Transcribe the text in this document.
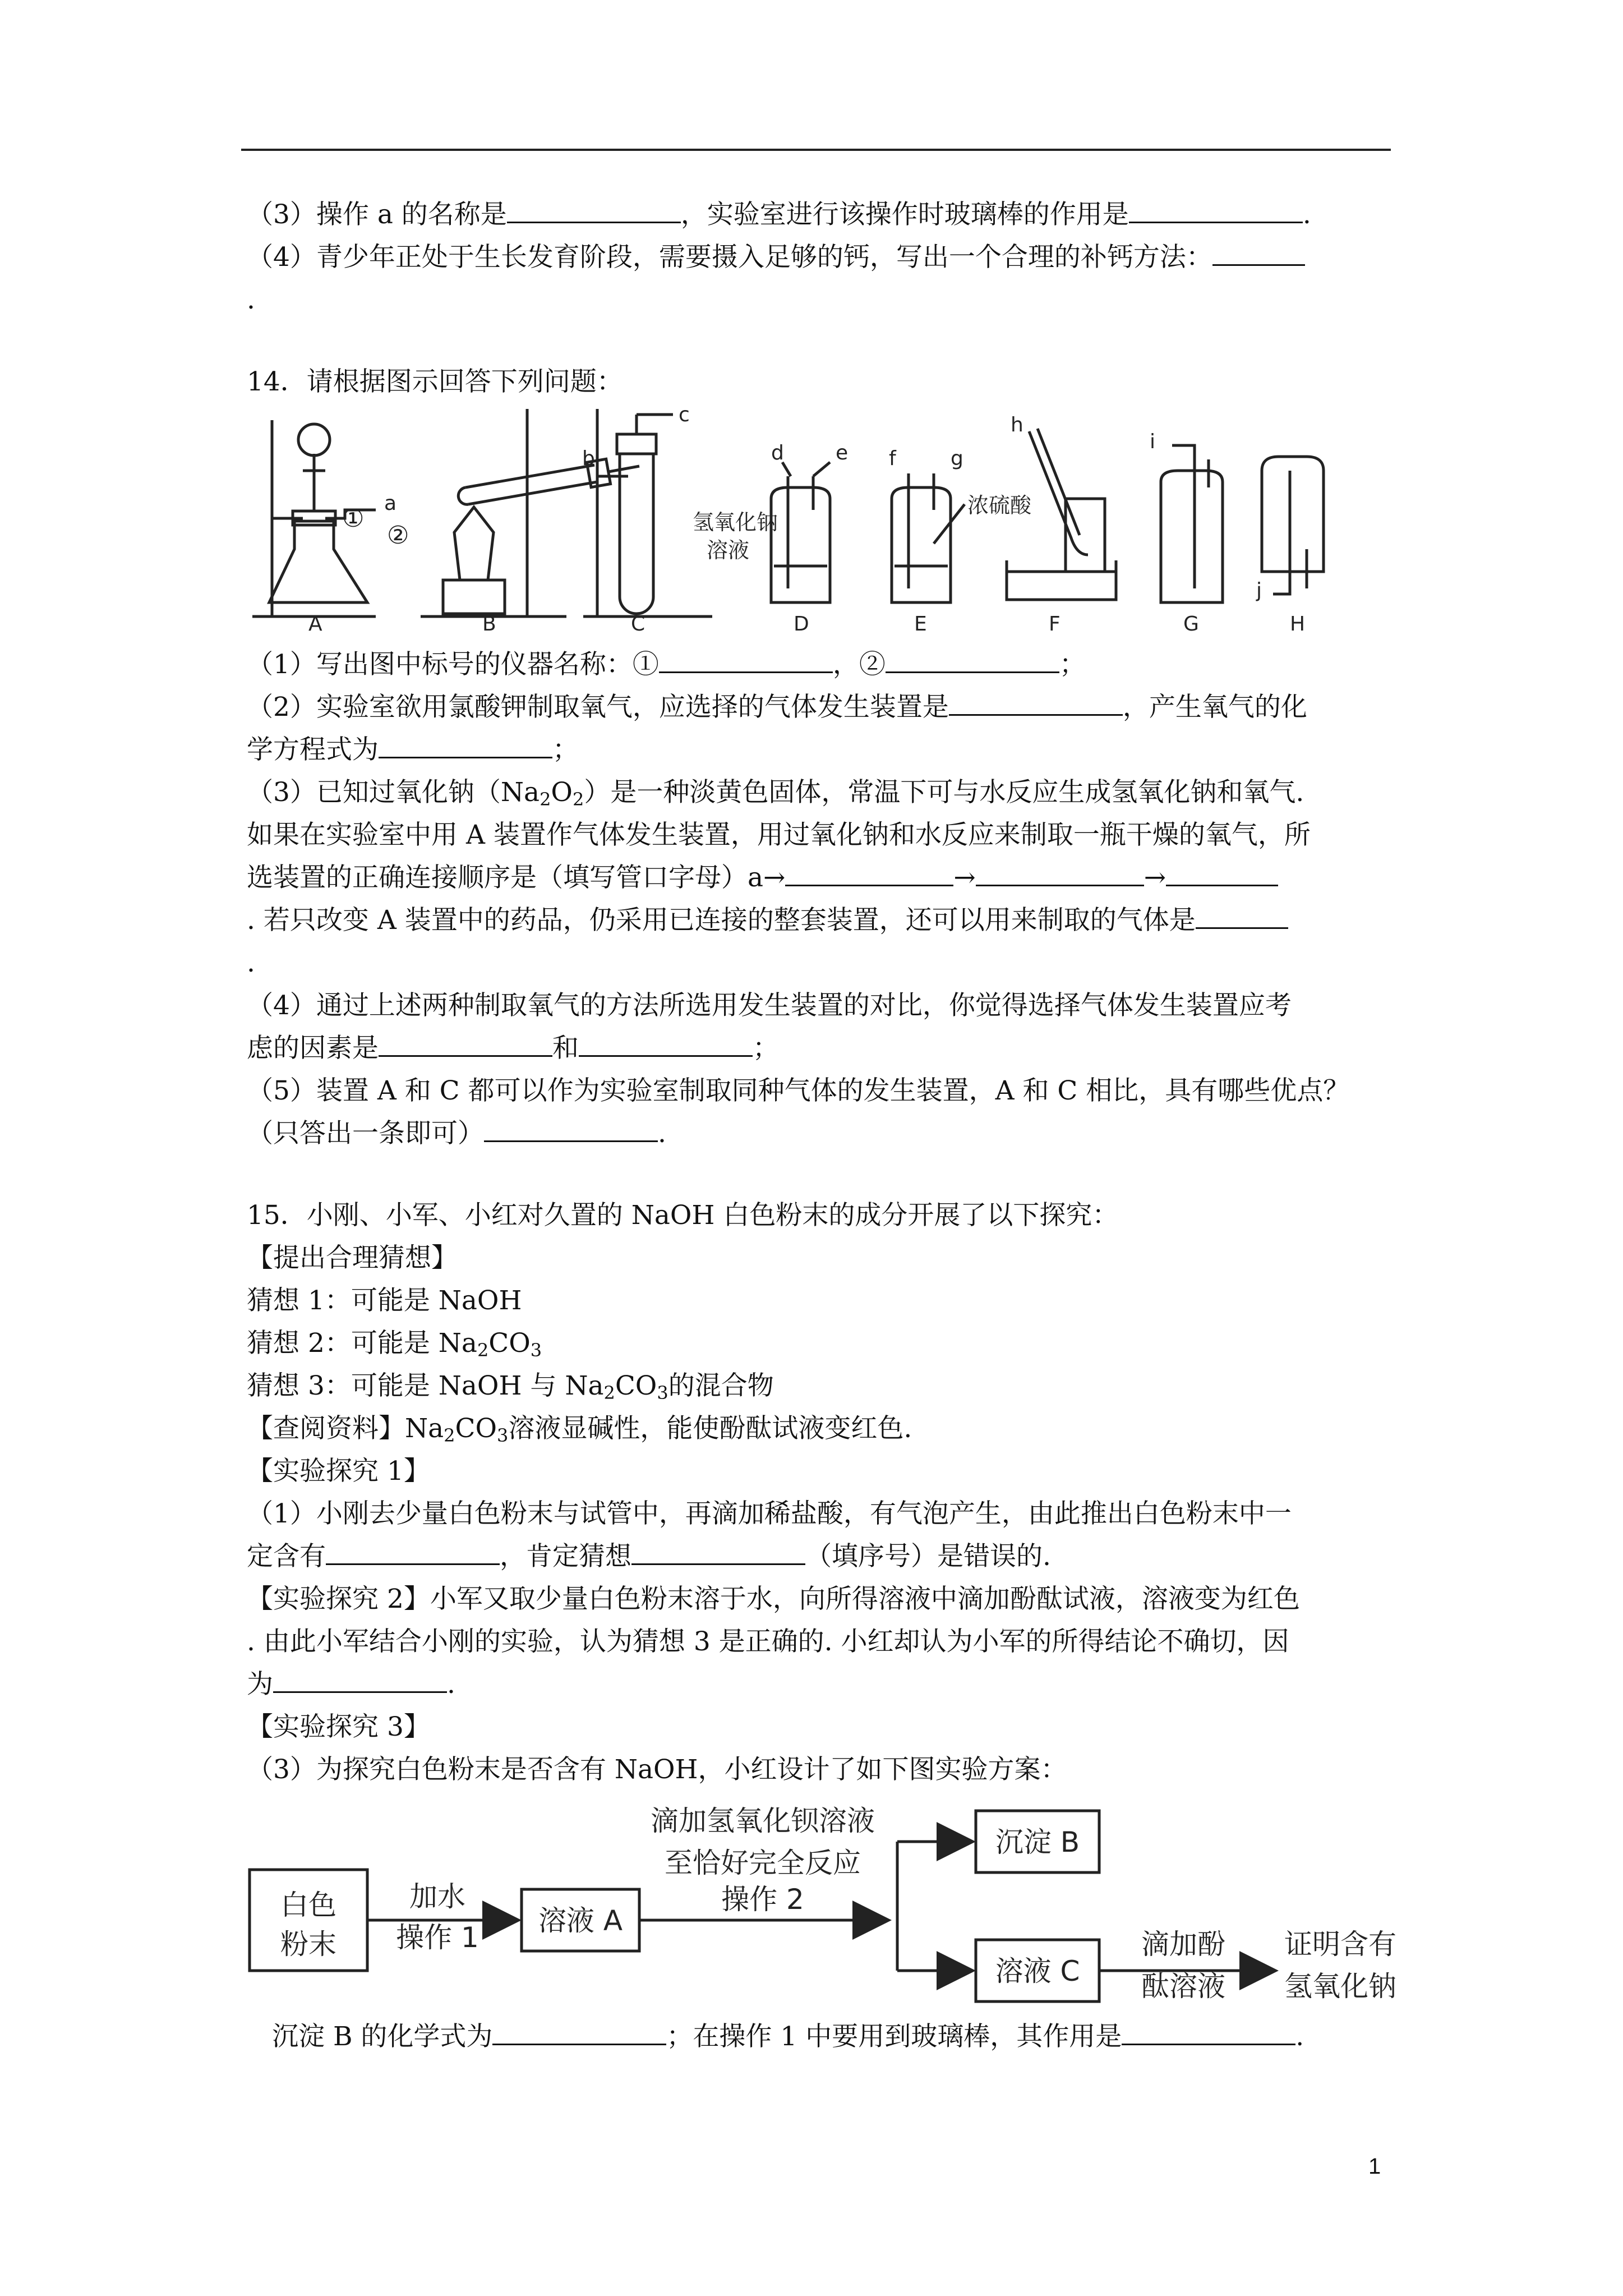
（3）操作 a 的名称是	，实验室进行该操作时玻璃棒的作用是	.
（4）青少年正处于生长发育阶段，需要摄入足够的钙，写出一个合理的补钙方法：
.
14．请根据图示回答下列问题：
A	B	C	D	E	F	G	H
a
b
c
d	e f	g
h
i
j
①
②	氢氧化钠
溶液
浓硫酸
（1）写出图中标号的仪器名称：①	，②	；
（2）实验室欲用氯酸钾制取氧气，应选择的气体发生装置是	，产生氧气的化
学方程式为	；
（3）已知过氧化钠$(Na_2O_2)$是一种淡黄色固体，常温下可与水反应生成氢氧化钠和氧气.
如果在实验室中用 A 装置作气体发生装置，用过氧化钠和水反应来制取一瓶干燥的氧气，所
选装置的正确连接顺序是（填写管口字母）a→	→	→
. 若只改变 A 装置中的药品，仍采用已连接的整套装置，还可以用来制取的气体是
.
（4）通过上述两种制取氧气的方法所选用发生装置的对比，你觉得选择气体发生装置应考
虑的因素是	和	；
（5）装置 A 和 C 都可以作为实验室制取同种气体的发生装置，A 和 C 相比，具有哪些优点？
（只答出一条即可）	.
15．小刚、小军、小红对久置的 NaOH 白色粉末的成分开展了以下探究：
【提出合理猜想】
猜想 1：可能是 NaOH
猜想 2：可能是 $Na_2CO_3$
猜想 3：可能是 NaOH 与 $Na_2CO_3$的混合物
【查阅资料】$Na_2CO_3$溶液显碱性，能使酚酞试液变红色.
【实验探究 1】
（1）小刚去少量白色粉末与试管中，再滴加稀盐酸，有气泡产生，由此推出白色粉末中一
定含有	，肯定猜想	（填序号）是错误的.
【实验探究 2】小军又取少量白色粉末溶于水，向所得溶液中滴加酚酞试液，溶液变为红色
. 由此小军结合小刚的实验，认为猜想 3 是正确的. 小红却认为小军的所得结论不确切，因
为	.
【实验探究 3】
（3）为探究白色粉末是否含有 NaOH，小红设计了如下图实验方案：
白色
粉末
加水
操作 1
溶液 A
滴加氢氧化钡溶液
至恰好完全反应
操作 2
沉淀 B
溶液 C
滴加酚
酞溶液
证明含有
氢氧化钠
沉淀 B 的化学式为	；在操作 1 中要用到玻璃棒，其作用是	.
1
